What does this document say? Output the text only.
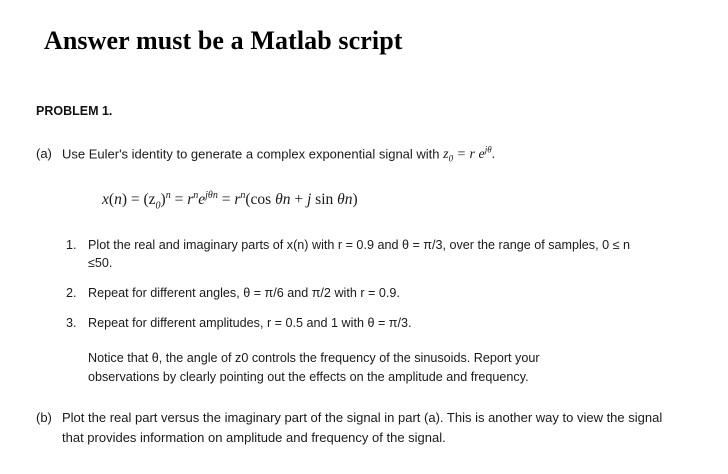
Answer must be a Matlab script
PROBLEM 1.
(a) Use Euler's identity to generate a complex exponential signal with $z_0 = r$ $e^{j\theta}$.
$x(n) = (z_0)^n = r^ne^{j\theta n} = r^n(\cos$ θn + j sin θn)
1. Plot the real and imaginary parts of x(n) with r = 0.9 and θ = π/3, over the range of samples, 0 ≤ n ≤50.
2. Repeat for different angles, θ = π/6 and π/2 with r = 0.9.
3. Repeat for different amplitudes, r = 0.5 and 1 with θ = π/3.
Notice that θ, the angle of z0 controls the frequency of the sinusoids. Report your observations by clearly pointing out the effects on the amplitude and frequency.
(b) Plot the real part versus the imaginary part of the signal in part (a). This is another way to view the signal that provides information on amplitude and frequency of the signal.
